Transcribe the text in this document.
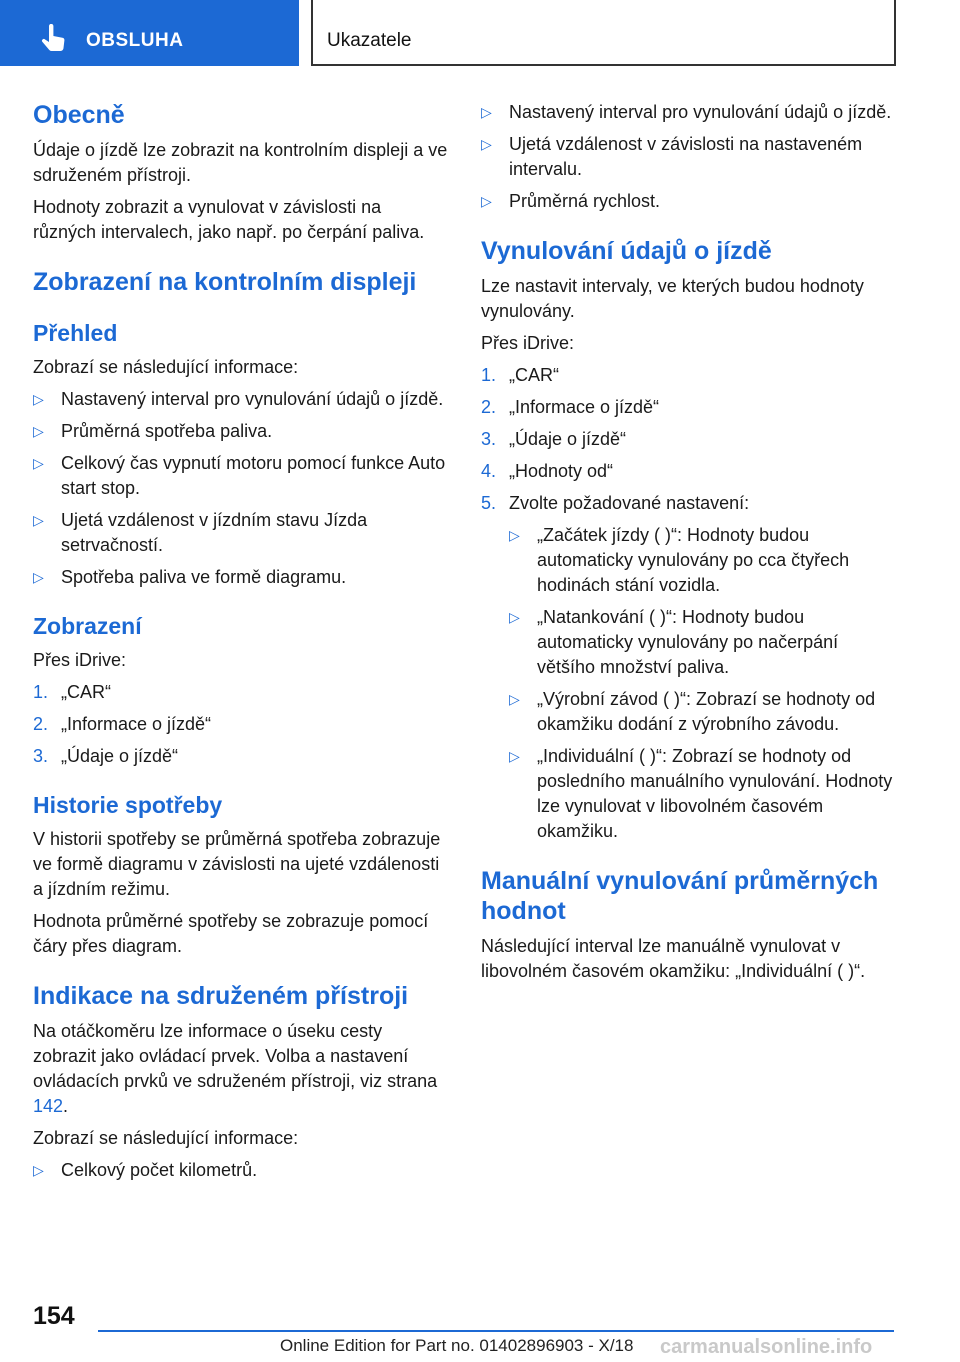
OBSLUHA	Ukazatele
Obecně

Údaje o jízdě lze zobrazit na kontrolním displeji a ve sdruženém přístroji.

Hodnoty zobrazit a vynulovat v závislosti na různých intervalech, jako např. po čerpání paliva.

Zobrazení na kontrolním displeji
Přehled

Zobrazí se následující informace:

▷ Nastavený interval pro vynulování údajů o jízdě.
▷ Průměrná spotřeba paliva.
▷ Celkový čas vypnutí motoru pomocí funkce Auto start stop.
▷ Ujetá vzdálenost v jízdním stavu Jízda setrvačností.
▷ Spotřeba paliva ve formě diagramu.
Zobrazení

Přes iDrive:

1. „CAR“
2. „Informace o jízdě“
3. „Údaje o jízdě“
Historie spotřeby

V historii spotřeby se průměrná spotřeba zobrazuje ve formě diagramu v závislosti na ujeté vzdálenosti a jízdním režimu.

Hodnota průměrné spotřeby se zobrazuje pomocí čáry přes diagram.

Indikace na sdruženém přístroji

Na otáčkoměru lze informace o úseku cesty zobrazit jako ovládací prvek. Volba a nastavení ovládacích prvků ve sdruženém přístroji, viz strana 142.

Zobrazí se následující informace:

▷ Celkový počet kilometrů.
▷ Nastavený interval pro vynulování údajů o jízdě.
▷ Ujetá vzdálenost v závislosti na nastaveném intervalu.
▷ Průměrná rychlost.
Vynulování údajů o jízdě

Lze nastavit intervaly, ve kterých budou hodnoty vynulovány.

Přes iDrive:

1. „CAR“
2. „Informace o jízdě“
3. „Údaje o jízdě“
4. „Hodnoty od“
5. Zvolte požadované nastavení:
▷ „Začátek jízdy ( )“: Hodnoty budou automaticky vynulovány po cca čtyřech hodinách stání vozidla.
▷ „Natankování ( )“: Hodnoty budou automaticky vynulovány po načerpání většího množství paliva.
▷ „Výrobní závod ( )“: Zobrazí se hodnoty od okamžiku dodání z výrobního závodu.
▷ „Individuální ( )“: Zobrazí se hodnoty od posledního manuálního vynulování. Hodnoty lze vynulovat v libovolném časovém okamžiku.
Manuální vynulování průměrných hodnot

Následující interval lze manuálně vynulovat v libovolném časovém okamžiku: „Individuální ( )“.

154
Online Edition for Part no. 01402896903 - X/18 carmanualsonline.info
